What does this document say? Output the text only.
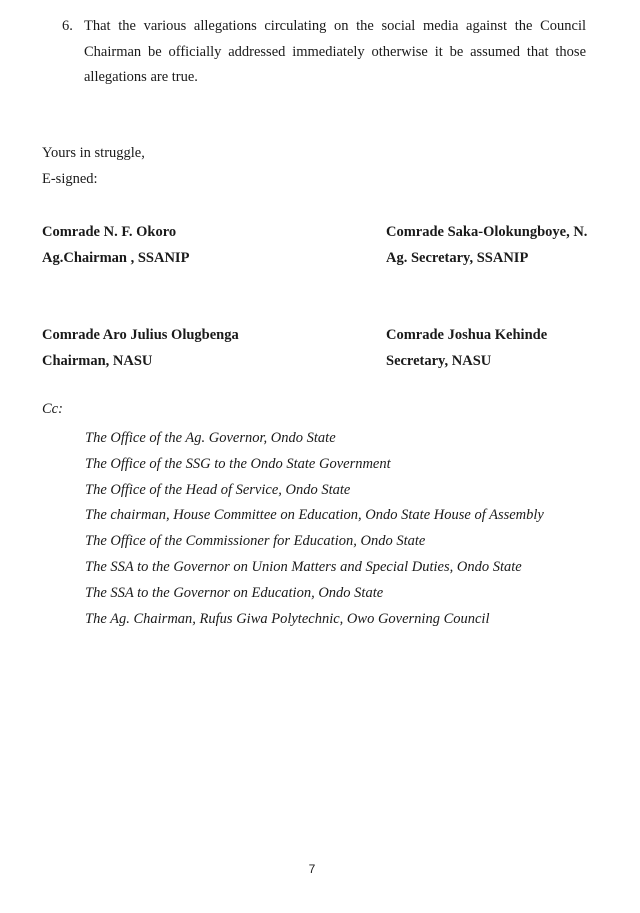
6. That the various allegations circulating on the social media against the Council Chairman be officially addressed immediately otherwise it be assumed that those allegations are true.
Yours in struggle,
E-signed:
Comrade N. F. Okoro
Ag.Chairman , SSANIP
Comrade Saka-Olokungboye, N.
Ag. Secretary, SSANIP
Comrade Aro Julius Olugbenga
Chairman, NASU
Comrade Joshua Kehinde
Secretary, NASU
Cc:
The Office of the Ag. Governor, Ondo State
The Office of the SSG to the Ondo State Government
The Office of the Head of Service, Ondo State
The chairman, House Committee on Education, Ondo State House of Assembly
The Office of the Commissioner for Education, Ondo State
The SSA to the Governor on Union Matters and Special Duties, Ondo State
The SSA to the Governor on Education, Ondo State
The Ag. Chairman, Rufus Giwa Polytechnic, Owo Governing Council
7
